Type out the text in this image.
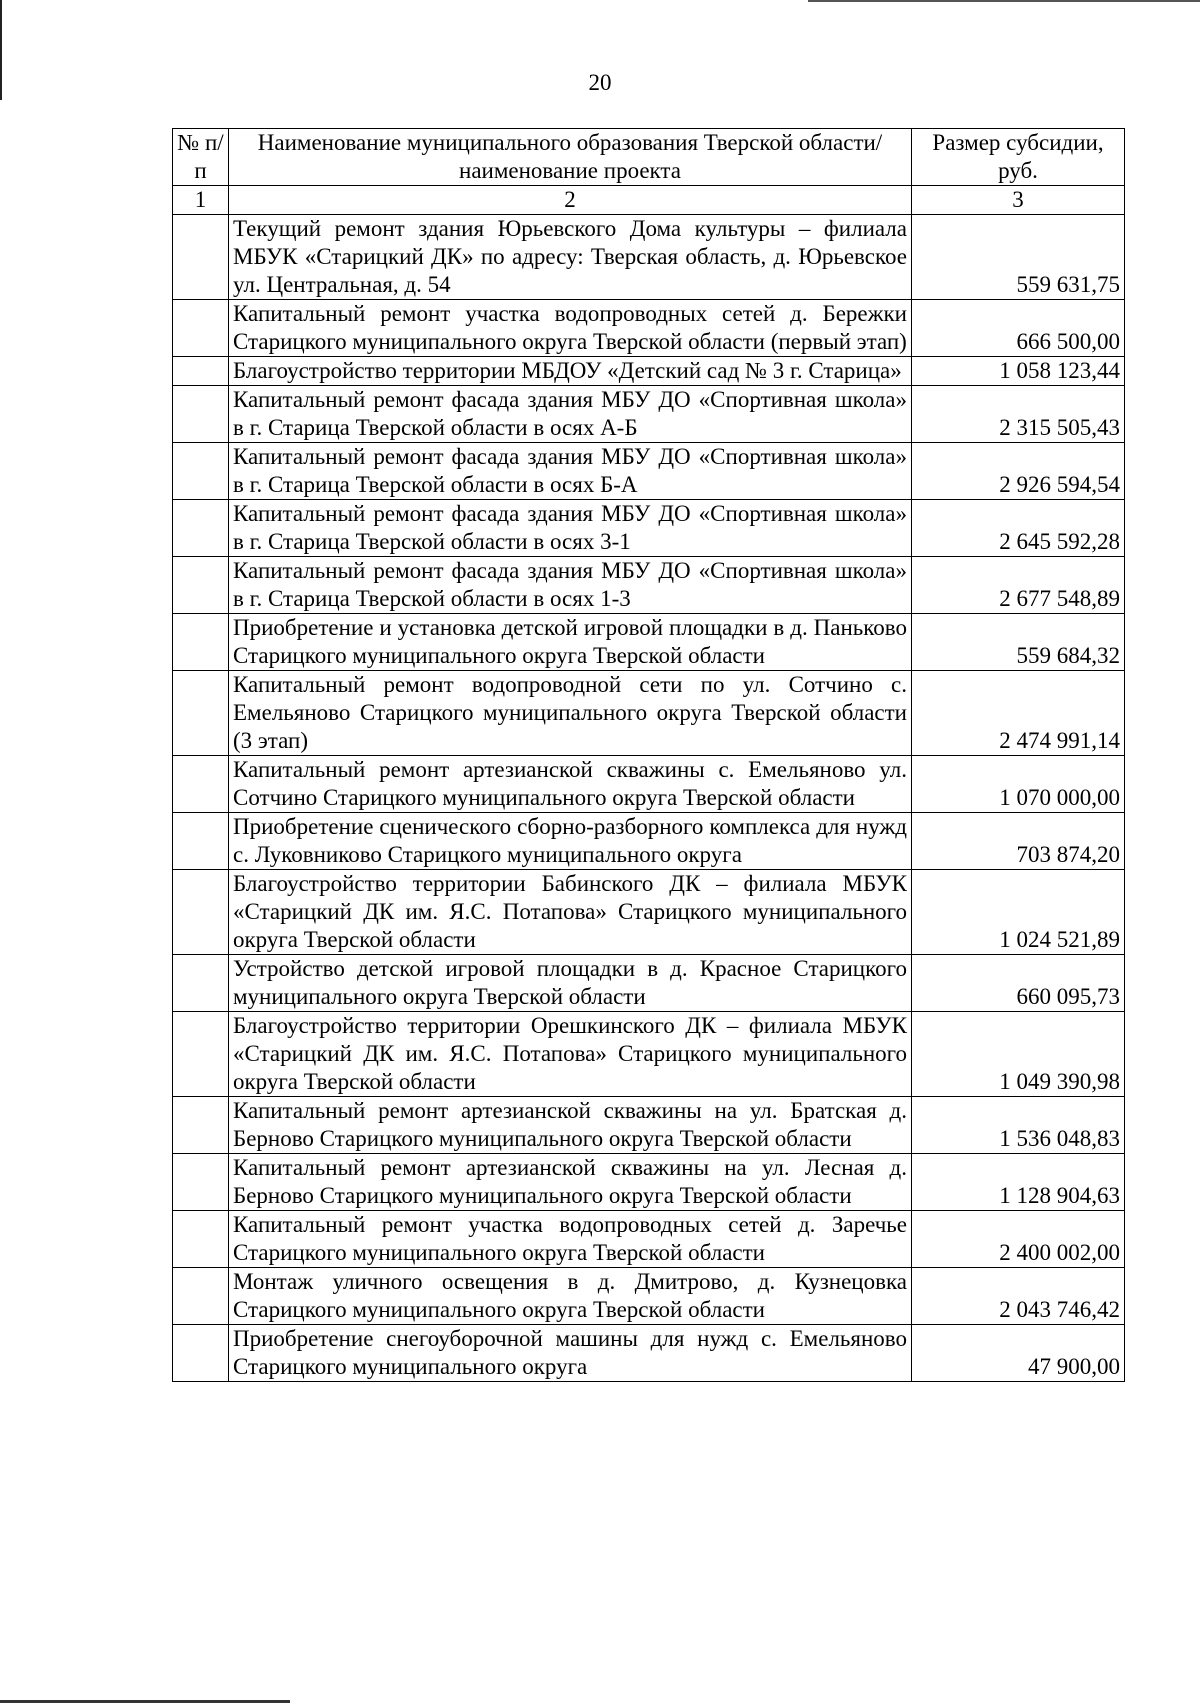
20
№ п/п	Наименование муниципального образования Тверской области/наименование проекта	Размер субсидии, руб.
1	2	3
	Текущий ремонт здания Юрьевского Дома культуры – филиала МБУК «Старицкий ДК» по адресу: Тверская область, д. Юрьевское ул. Центральная, д. 54	559 631,75
	Капитальный ремонт участка водопроводных сетей д. Бережки Старицкого муниципального округа Тверской области (первый этап)	666 500,00
	Благоустройство территории МБДОУ «Детский сад № 3 г. Старица»	1 058 123,44
	Капитальный ремонт фасада здания МБУ ДО «Спортивная школа» в г. Старица Тверской области в осях А-Б	2 315 505,43
	Капитальный ремонт фасада здания МБУ ДО «Спортивная школа» в г. Старица Тверской области в осях Б-А	2 926 594,54
	Капитальный ремонт фасада здания МБУ ДО «Спортивная школа» в г. Старица Тверской области в осях 3-1	2 645 592,28
	Капитальный ремонт фасада здания МБУ ДО «Спортивная школа» в г. Старица Тверской области в осях 1-3	2 677 548,89
	Приобретение и установка детской игровой площадки в д. Паньково Старицкого муниципального округа Тверской области	559 684,32
	Капитальный ремонт водопроводной сети по ул. Сотчино с. Емельяново Старицкого муниципального округа Тверской области (3 этап)	2 474 991,14
	Капитальный ремонт артезианской скважины с. Емельяново ул. Сотчино Старицкого муниципального округа Тверской области	1 070 000,00
	Приобретение сценического сборно-разборного комплекса для нужд с. Луковниково Старицкого муниципального округа	703 874,20
	Благоустройство территории Бабинского ДК – филиала МБУК «Старицкий ДК им. Я.С. Потапова» Старицкого муниципального округа Тверской области	1 024 521,89
	Устройство детской игровой площадки в д. Красное Старицкого муниципального округа Тверской области	660 095,73
	Благоустройство территории Орешкинского ДК – филиала МБУК «Старицкий ДК им. Я.С. Потапова» Старицкого муниципального округа Тверской области	1 049 390,98
	Капитальный ремонт артезианской скважины на ул. Братская д. Берново Старицкого муниципального округа Тверской области	1 536 048,83
	Капитальный ремонт артезианской скважины на ул. Лесная д. Берново Старицкого муниципального округа Тверской области	1 128 904,63
	Капитальный ремонт участка водопроводных сетей д. Заречье Старицкого муниципального округа Тверской области	2 400 002,00
	Монтаж уличного освещения в д. Дмитрово, д. Кузнецовка Старицкого муниципального округа Тверской области	2 043 746,42
	Приобретение снегоуборочной машины для нужд с. Емельяново Старицкого муниципального округа	47 900,00
